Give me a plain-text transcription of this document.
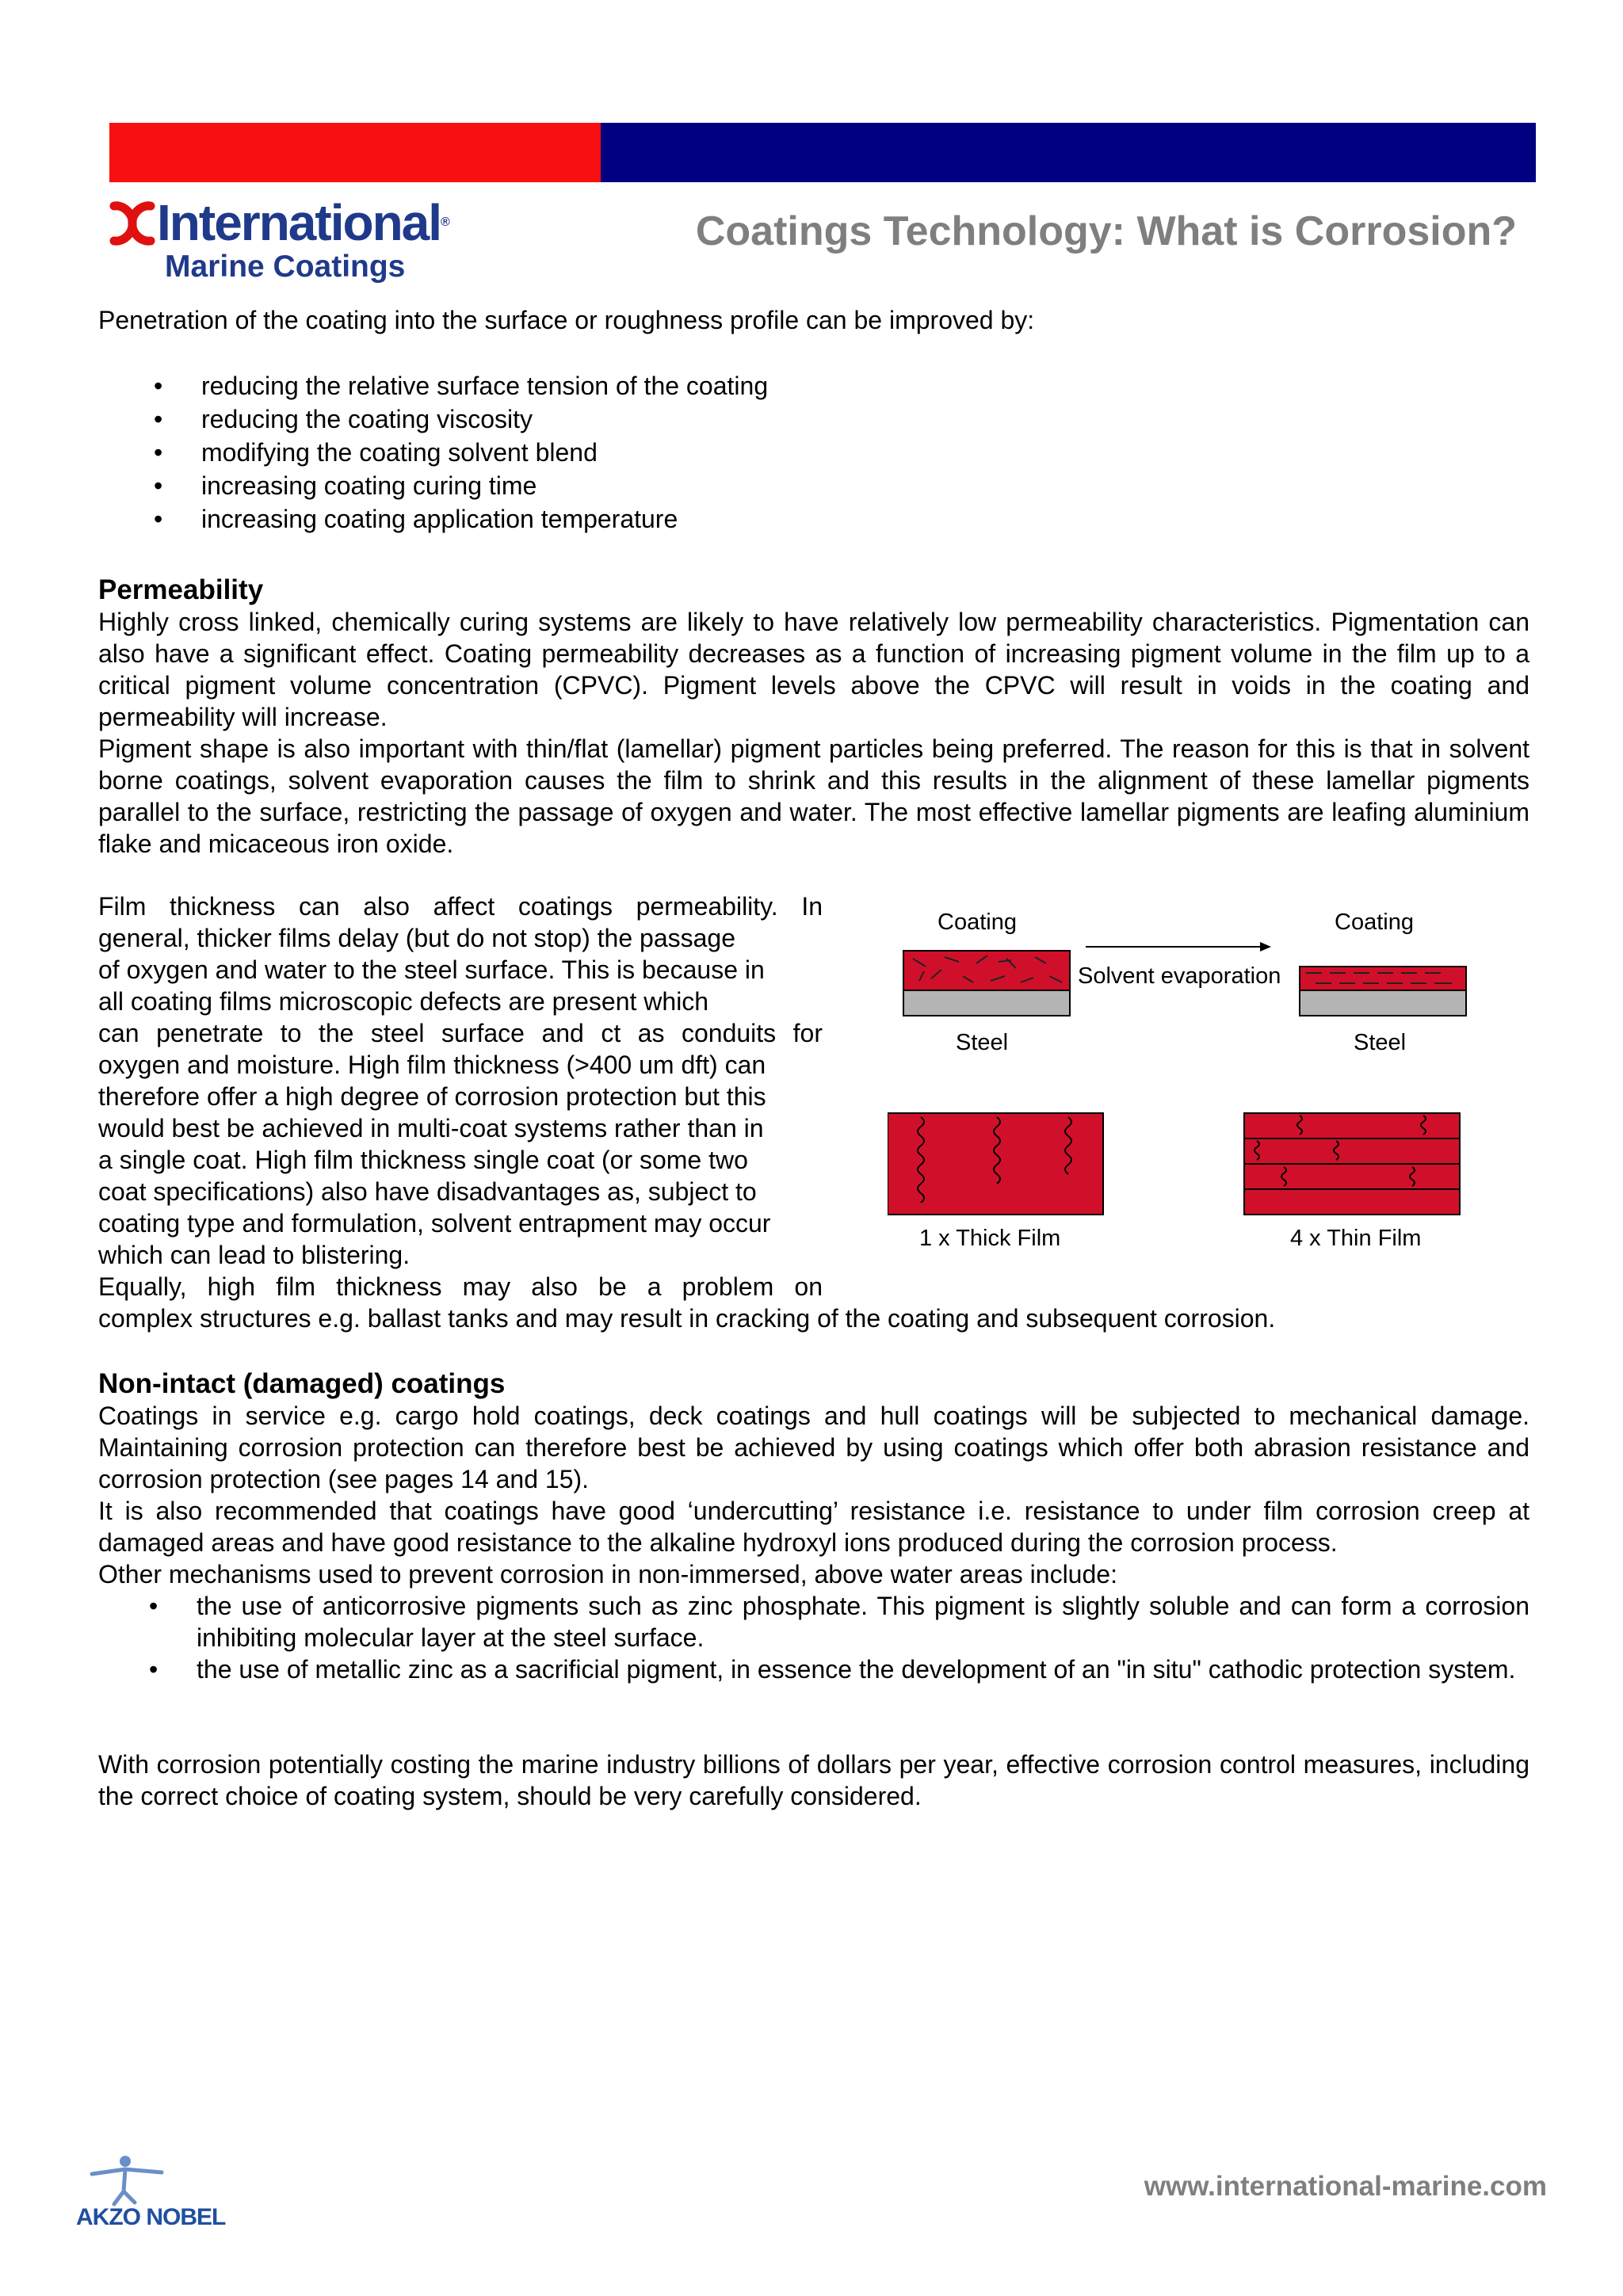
International®
Marine Coatings
Coatings Technology: What is Corrosion?
Penetration of the coating into the surface or roughness profile can be improved by:
• reducing the relative surface tension of the coating
• reducing the coating viscosity
• modifying the coating solvent blend
• increasing coating curing time
• increasing coating application temperature
Permeability
Highly cross linked, chemically curing systems are likely to have relatively low permeability characteristics. Pigmentation can also have a significant effect. Coating permeability decreases as a function of increasing pigment volume in the film up to a critical pigment volume concentration (CPVC). Pigment levels above the CPVC will result in voids in the coating and permeability will increase.
Pigment shape is also important with thin/flat (lamellar) pigment particles being preferred. The reason for this is that in solvent borne coatings, solvent evaporation causes the film to shrink and this results in the alignment of these lamellar pigments parallel to the surface, restricting the passage of oxygen and water. The most effective lamellar pigments are leafing aluminium flake and micaceous iron oxide.
Film thickness can also affect coatings permeability. In
general, thicker films delay (but do not stop) the passage
of oxygen and water to the steel surface. This is because in
all coating films microscopic defects are present which
can penetrate to the steel surface and ct as conduits for
oxygen and moisture. High film thickness (>400 um dft) can
therefore offer a high degree of corrosion protection but this
would best be achieved in multi-coat systems rather than in
a single coat. High film thickness single coat (or some two
coat specifications) also have disadvantages as, subject to
coating type and formulation, solvent entrapment may occur
which can lead to blistering.
Equally, high film thickness may also be a problem on
complex structures e.g. ballast tanks and may result in cracking of the coating and subsequent corrosion.
Coating	Coating
Solvent evaporation
Steel	Steel
1 x Thick Film	4 x Thin Film
Non-intact (damaged) coatings
Coatings in service e.g. cargo hold coatings, deck coatings and hull coatings will be subjected to mechanical damage. Maintaining corrosion protection can therefore best be achieved by using coatings which offer both abrasion resistance and corrosion protection (see pages 14 and 15).
It is also recommended that coatings have good ‘undercutting’ resistance i.e. resistance to under film corrosion creep at damaged areas and have good resistance to the alkaline hydroxyl ions produced during the corrosion process.
Other mechanisms used to prevent corrosion in non-immersed, above water areas include:
• the use of anticorrosive pigments such as zinc phosphate. This pigment is slightly soluble and can form a corrosion inhibiting molecular layer at the steel surface.
• the use of metallic zinc as a sacrificial pigment, in essence the development of an "in situ" cathodic protection system.
With corrosion potentially costing the marine industry billions of dollars per year, effective corrosion control measures, including the correct choice of coating system, should be very carefully considered.
AKZO NOBEL
www.international-marine.com
